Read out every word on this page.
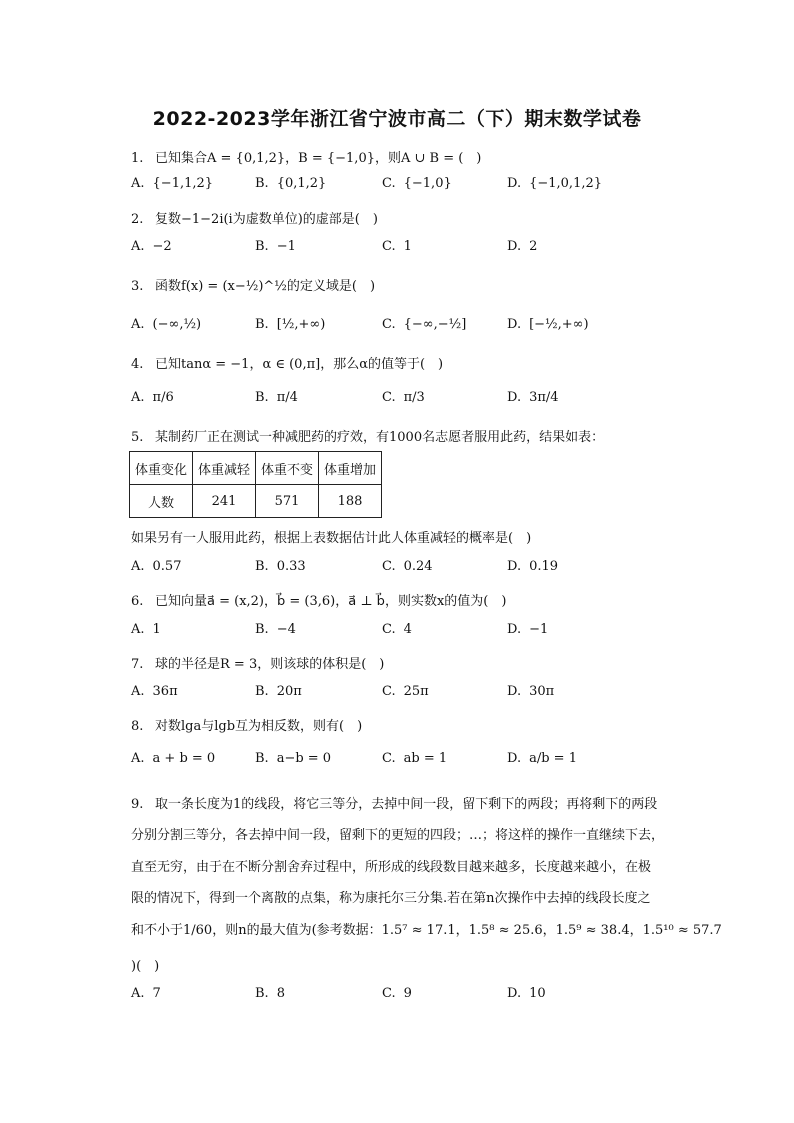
2022-2023学年浙江省宁波市高二（下）期末数学试卷
1. 已知集合A = {0,1,2}，B = {−1,0}，则A ∪ B = (　)
A. {−1,1,2}	B. {0,1,2}	C. {−1,0}	D. {−1,0,1,2}
2. 复数−1−2i(i为虚数单位)的虚部是(　)
A. −2	B. −1	C. 1	D. 2
3. 函数f(x) = (x−½)^½的定义域是(　)
A. (−∞,½)	B. [½,+∞)	C. {−∞,−½]	D. [−½,+∞)
4. 已知tanα = −1，α ∈ (0,π]，那么α的值等于(　)
A. π/6	B. π/4	C. π/3	D. 3π/4
5. 某制药厂正在测试一种减肥药的疗效，有1000名志愿者服用此药，结果如表：
体重变化	体重减轻	体重不变	体重增加
人数	241	571	188
如果另有一人服用此药，根据上表数据估计此人体重减轻的概率是(　)
A. 0.57	B. 0.33	C. 0.24	D. 0.19
6. 已知向量a⃗ = (x,2)，b⃗ = (3,6)，a⃗ ⊥ b⃗，则实数x的值为(　)
A. 1	B. −4	C. 4	D. −1
7. 球的半径是R = 3，则该球的体积是(　)
A. 36π	B. 20π	C. 25π	D. 30π
8. 对数lga与lgb互为相反数，则有(　)
A. a + b = 0	B. a−b = 0	C. ab = 1	D. a/b = 1
9. 取一条长度为1的线段，将它三等分，去掉中间一段，留下剩下的两段；再将剩下的两段
分别分割三等分，各去掉中间一段，留剩下的更短的四段；…；将这样的操作一直继续下去，
直至无穷，由于在不断分割舍弃过程中，所形成的线段数目越来越多，长度越来越小，在极
限的情况下，得到一个离散的点集，称为康托尔三分集.若在第n次操作中去掉的线段长度之
和不小于1/60，则n的最大值为(参考数据：1.5⁷ ≈ 17.1，1.5⁸ ≈ 25.6，1.5⁹ ≈ 38.4，1.5¹⁰ ≈ 57.7
)(　)
A. 7	B. 8	C. 9	D. 10
